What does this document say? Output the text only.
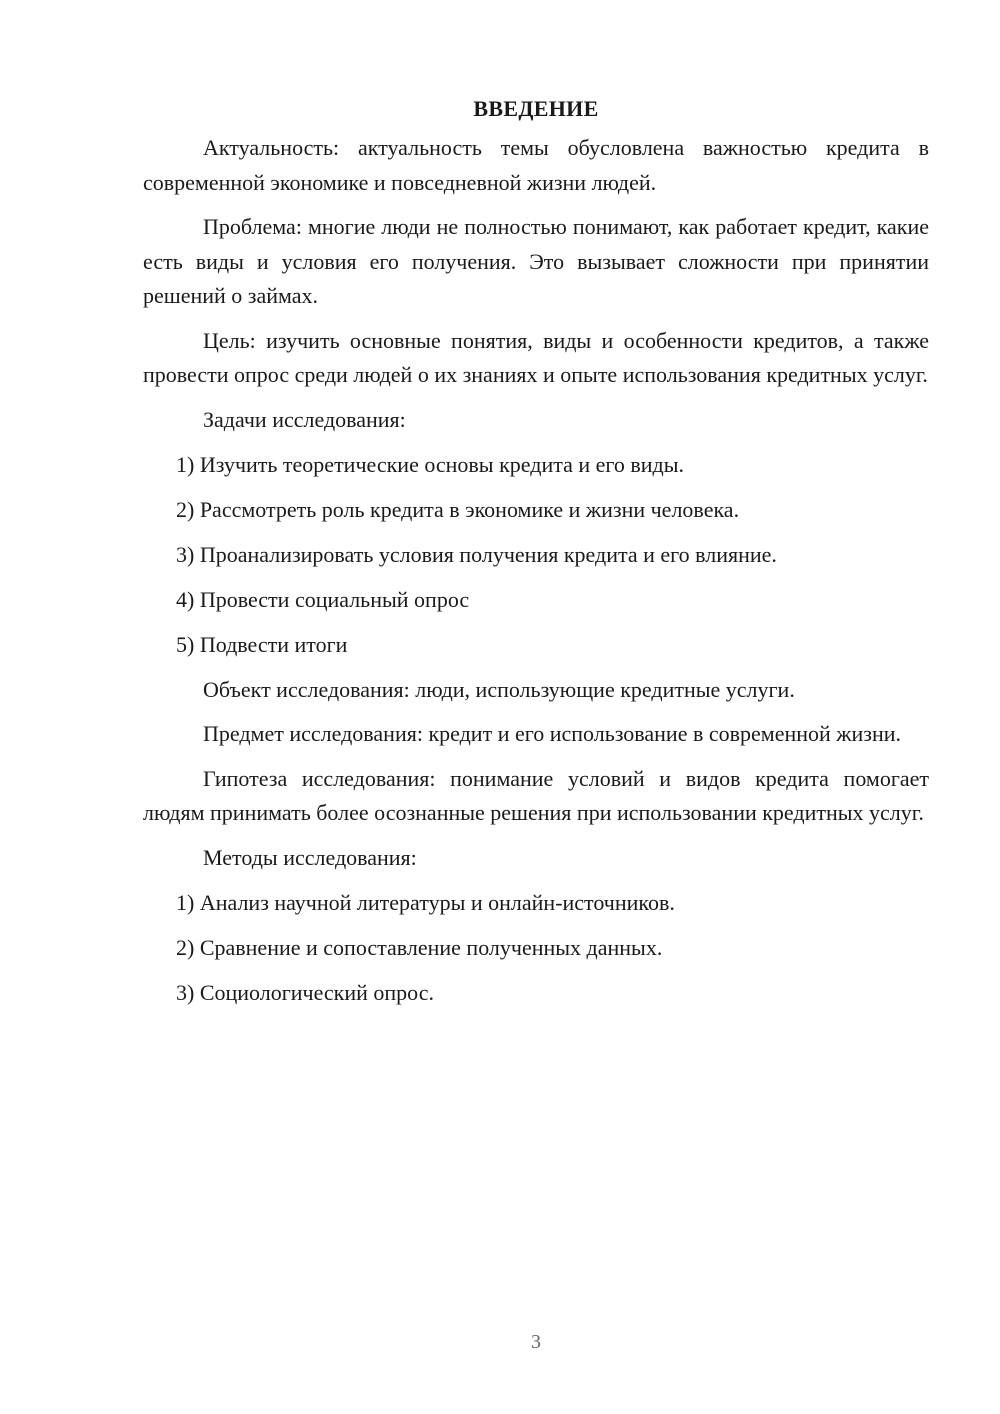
ВВЕДЕНИЕ

Актуальность: актуальность темы обусловлена важностью кредита в современной экономике и повседневной жизни людей.

Проблема: многие люди не полностью понимают, как работает кредит, какие есть виды и условия его получения. Это вызывает сложности при принятии решений о займах.

Цель: изучить основные понятия, виды и особенности кредитов, а также провести опрос среди людей о их знаниях и опыте использования кредитных услуг.

Задачи исследования:

1) Изучить теоретические основы кредита и его виды.

2) Рассмотреть роль кредита в экономике и жизни человека.

3) Проанализировать условия получения кредита и его влияние.

4) Провести социальный опрос

5) Подвести итоги

Объект исследования: люди, использующие кредитные услуги.

Предмет исследования: кредит и его использование в современной жизни.

Гипотеза исследования: понимание условий и видов кредита помогает людям принимать более осознанные решения при использовании кредитных услуг.

Методы исследования:

1) Анализ научной литературы и онлайн-источников.

2) Сравнение и сопоставление полученных данных.

3) Социологический опрос.

3
